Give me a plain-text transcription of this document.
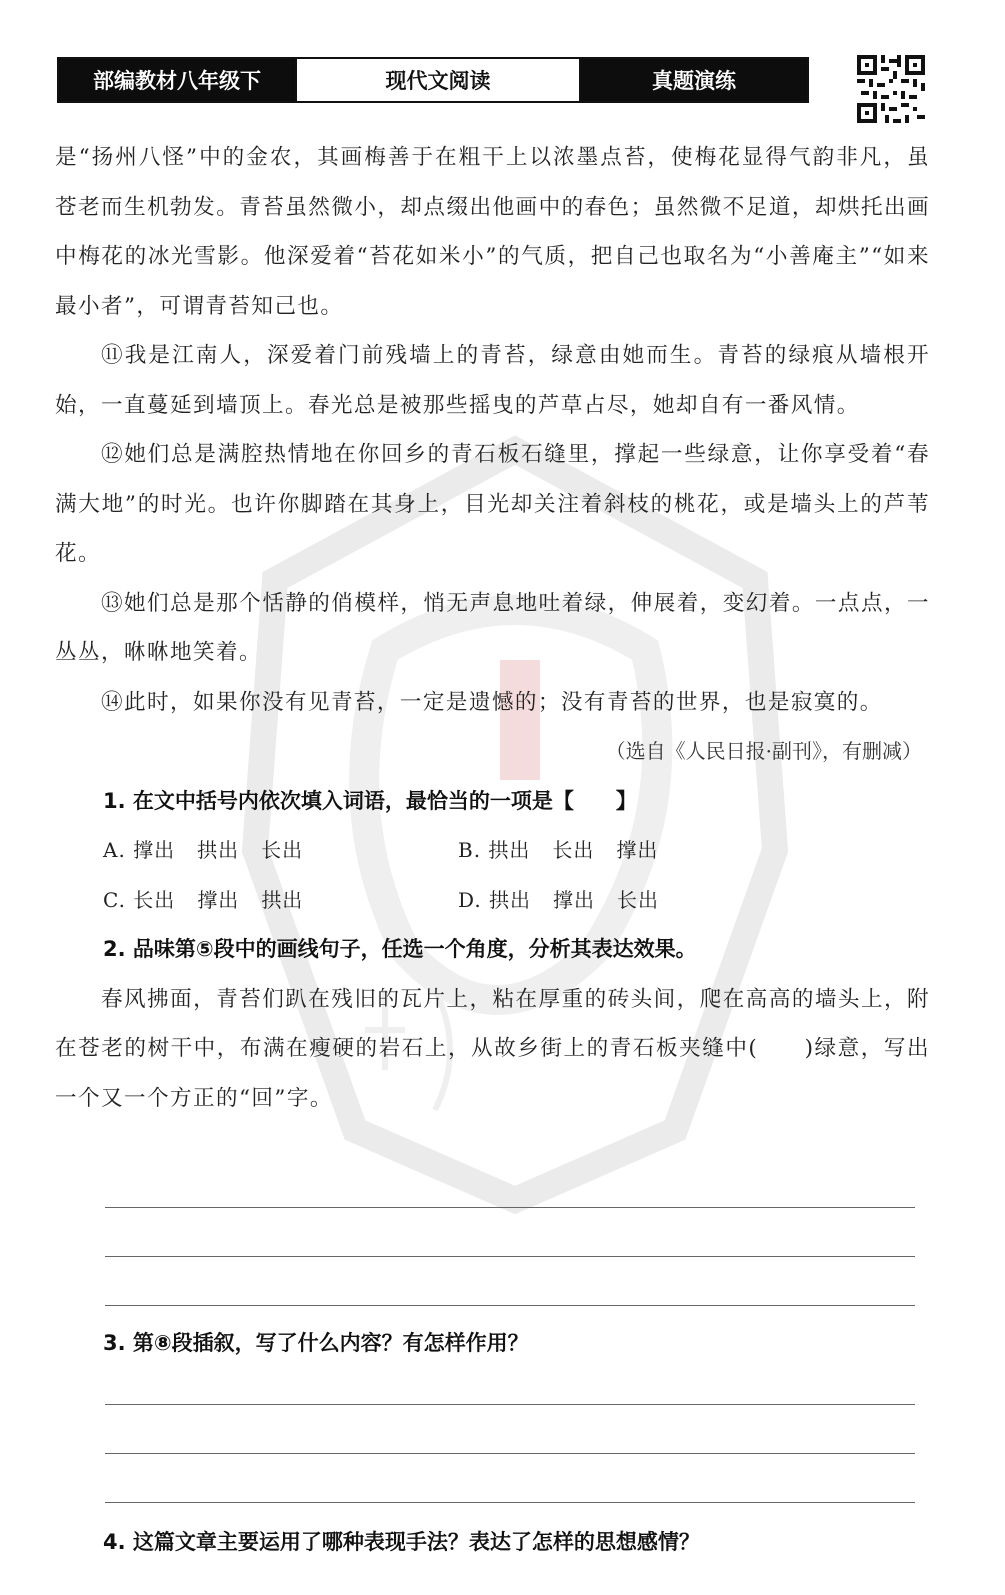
部编教材八年级下	现代文阅读	真题演练

是“扬州八怪”中的金农，其画梅善于在粗干上以浓墨点苔，使梅花显得气韵非凡，虽苍老而生机勃发。青苔虽然微小，却点缀出他画中的春色；虽然微不足道，却烘托出画中梅花的冰光雪影。他深爱着“苔花如米小”的气质，把自己也取名为“小善庵主”“如来最小者”，可谓青苔知己也。

⑪我是江南人，深爱着门前残墙上的青苔，绿意由她而生。青苔的绿痕从墙根开始，一直蔓延到墙顶上。春光总是被那些摇曳的芦草占尽，她却自有一番风情。

⑫她们总是满腔热情地在你回乡的青石板石缝里，撑起一些绿意，让你享受着“春满大地”的时光。也许你脚踏在其身上，目光却关注着斜枝的桃花，或是墙头上的芦苇花。

⑬她们总是那个恬静的俏模样，悄无声息地吐着绿，伸展着，变幻着。一点点，一丛丛，咻咻地笑着。

⑭此时，如果你没有见青苔，一定是遗憾的；没有青苔的世界，也是寂寞的。

（选自《人民日报·副刊》，有删减）

1. 在文中括号内依次填入词语，最恰当的一项是【　　】

A. 撑出 拱出 长出	B. 拱出 长出 撑出
C. 长出 撑出 拱出	D. 拱出 撑出 长出

2. 品味第⑤段中的画线句子，任选一个角度，分析其表达效果。

春风拂面，青苔们趴在残旧的瓦片上，粘在厚重的砖头间，爬在高高的墙头上，附在苍老的树干中，布满在瘦硬的岩石上，从故乡街上的青石板夹缝中(　　)绿意，写出一个又一个方正的“回”字。

3. 第⑧段插叙，写了什么内容？有怎样作用？

4. 这篇文章主要运用了哪种表现手法？表达了怎样的思想感情？
